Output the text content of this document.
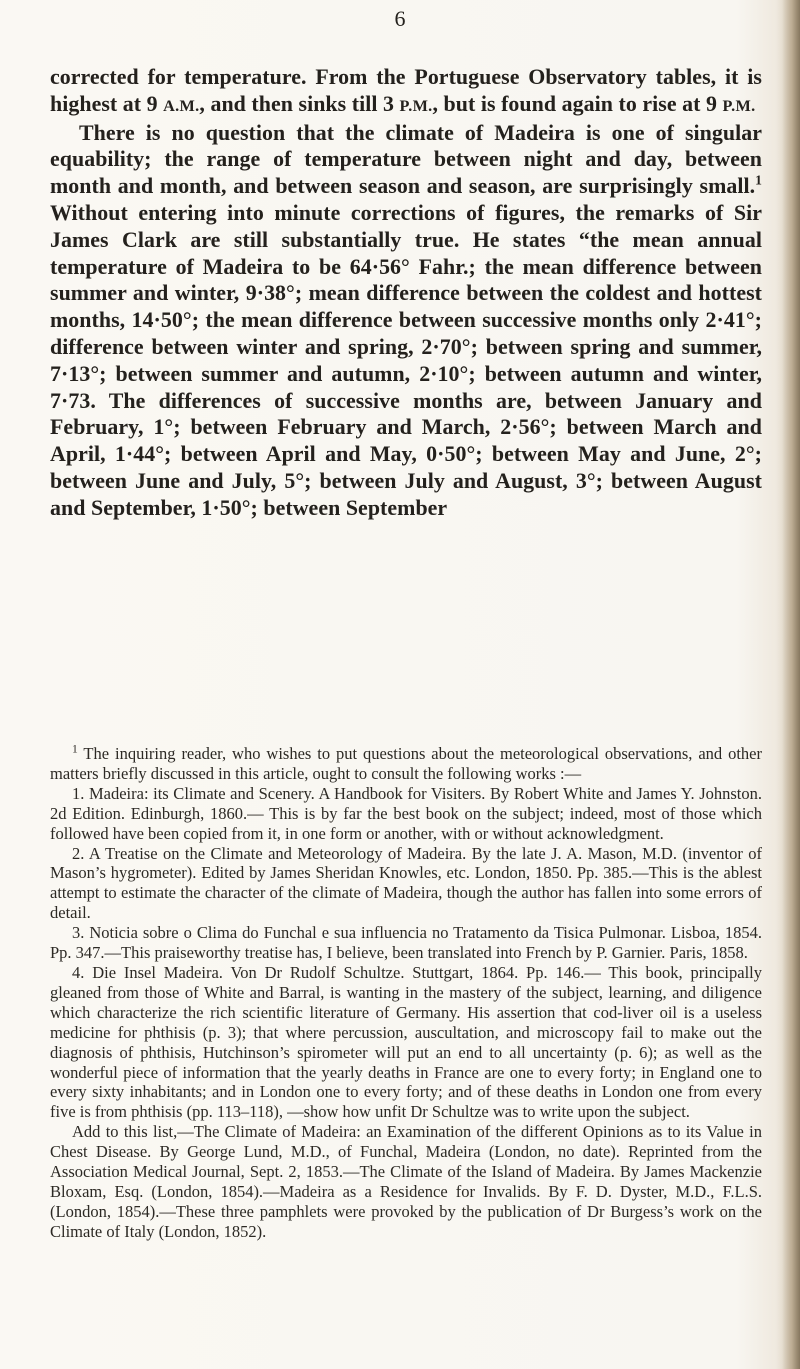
6

corrected for temperature. From the Portuguese Observatory tables, it is highest at 9 A.M., and then sinks till 3 P.M., but is found again to rise at 9 P.M.

There is no question that the climate of Madeira is one of singular equability; the range of temperature between night and day, between month and month, and between season and season, are surprisingly small.$^1$ Without entering into minute corrections of figures, the remarks of Sir James Clark are still substantially true. He states “the mean annual temperature of Madeira to be 64·56° Fahr.; the mean difference between summer and winter, 9·38°; mean difference between the coldest and hottest months, 14·50°; the mean difference between successive months only 2·41°; difference between winter and spring, 2·70°; between spring and summer, 7·13°; between summer and autumn, 2·10°; between autumn and winter, 7·73. The differences of successive months are, between January and February, 1°; between February and March, 2·56°; between March and April, 1·44°; between April and May, 0·50°; between May and June, 2°; between June and July, 5°; between July and August, 3°; between August and September, 1·50°; between September

$^1$ The inquiring reader, who wishes to put questions about the meteorological observations, and other matters briefly discussed in this article, ought to consult the following works :—

1. Madeira: its Climate and Scenery. A Handbook for Visiters. By Robert White and James Y. Johnston. 2d Edition. Edinburgh, 1860.— This is by far the best book on the subject; indeed, most of those which followed have been copied from it, in one form or another, with or without acknowledgment.

2. A Treatise on the Climate and Meteorology of Madeira. By the late J. A. Mason, M.D. (inventor of Mason’s hygrometer). Edited by James Sheridan Knowles, etc. London, 1850. Pp. 385.—This is the ablest attempt to estimate the character of the climate of Madeira, though the author has fallen into some errors of detail.

3. Noticia sobre o Clima do Funchal e sua influencia no Tratamento da Tisica Pulmonar. Lisboa, 1854. Pp. 347.—This praiseworthy treatise has, I believe, been translated into French by P. Garnier. Paris, 1858.

4. Die Insel Madeira. Von Dr Rudolf Schultze. Stuttgart, 1864. Pp. 146.— This book, principally gleaned from those of White and Barral, is wanting in the mastery of the subject, learning, and diligence which characterize the rich scientific literature of Germany. His assertion that cod-liver oil is a useless medicine for phthisis (p. 3); that where percussion, auscultation, and microscopy fail to make out the diagnosis of phthisis, Hutchinson’s spirometer will put an end to all uncertainty (p. 6); as well as the wonderful piece of information that the yearly deaths in France are one to every forty; in England one to every sixty inhabitants; and in London one to every forty; and of these deaths in London one from every five is from phthisis (pp. 113–118), —show how unfit Dr Schultze was to write upon the subject.

Add to this list,—The Climate of Madeira: an Examination of the different Opinions as to its Value in Chest Disease. By George Lund, M.D., of Funchal, Madeira (London, no date). Reprinted from the Association Medical Journal, Sept. 2, 1853.—The Climate of the Island of Madeira. By James Mackenzie Bloxam, Esq. (London, 1854).—Madeira as a Residence for Invalids. By F. D. Dyster, M.D., F.L.S. (London, 1854).—These three pamphlets were provoked by the publication of Dr Burgess’s work on the Climate of Italy (London, 1852).
